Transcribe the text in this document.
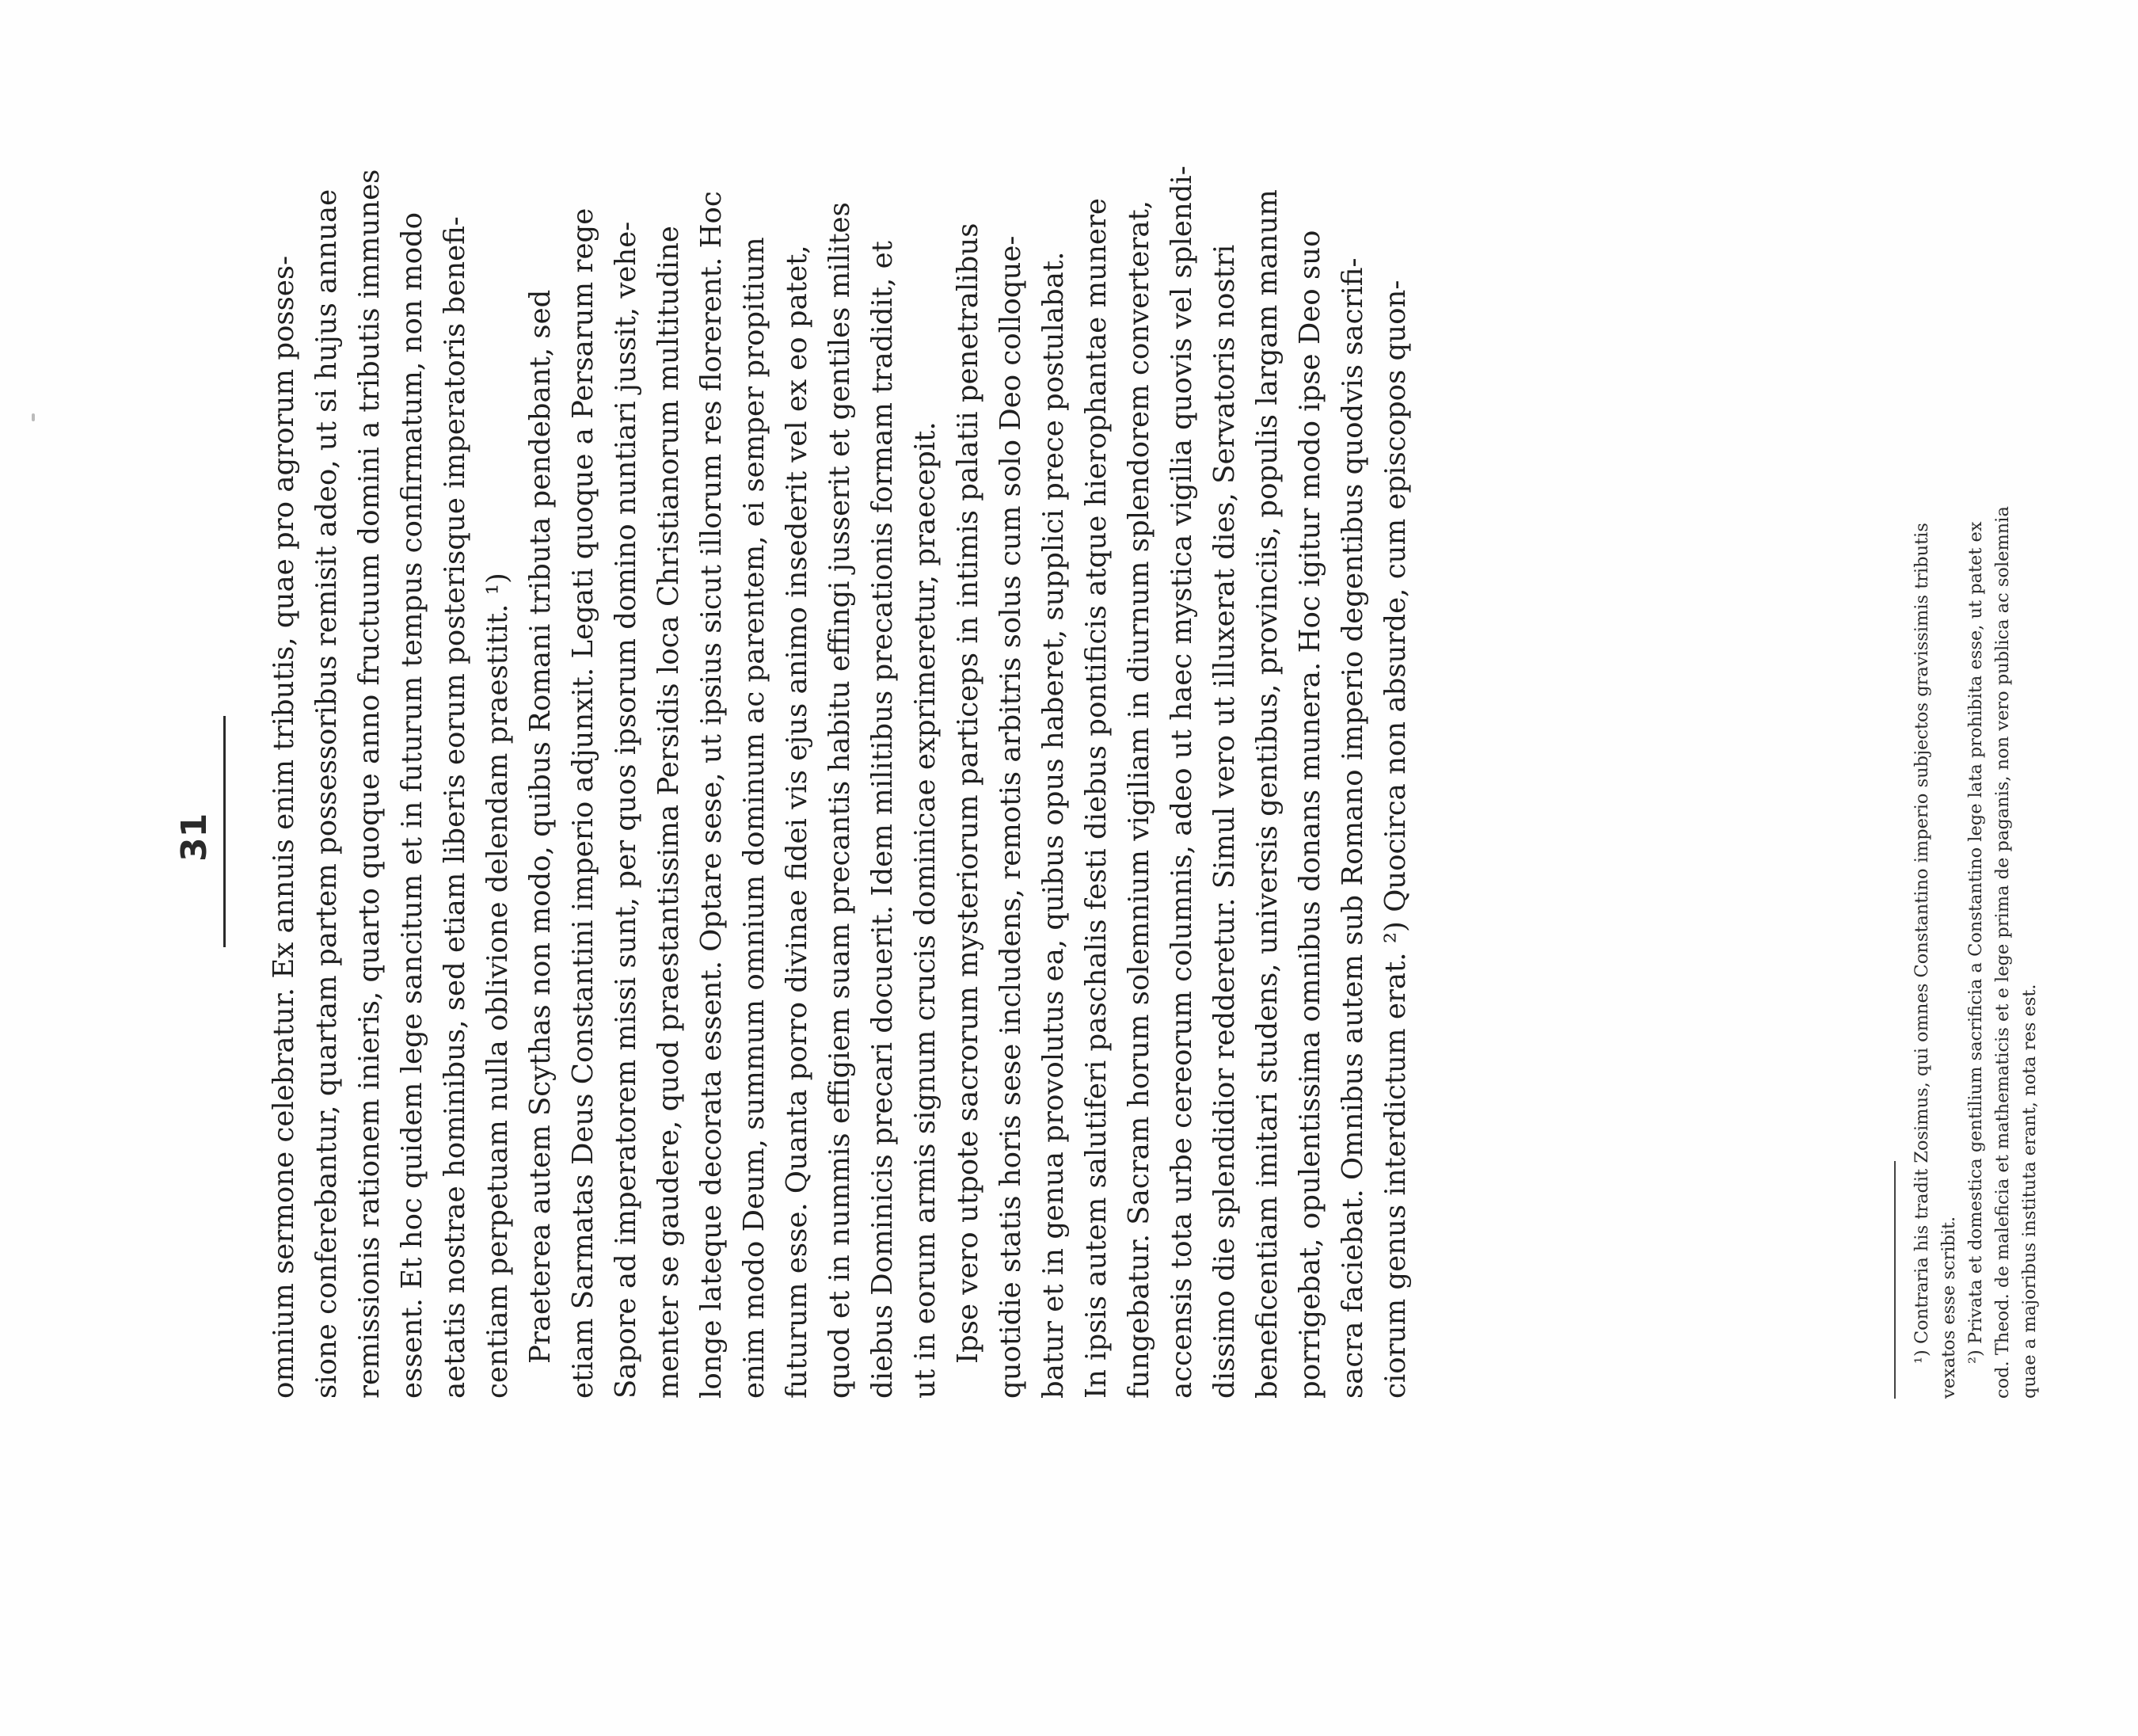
31 omnium sermone celebratur. Ex annuis enim tributis, quae pro agrorum posses- sione conferebantur, quartam partem possessoribus remisit adeo, ut si hujus annuae remissionis rationem inieris, quarto quoque anno fructuum domini a tributis immunes essent. Et hoc quidem lege sancitum et in futurum tempus confirmatum, non modo aetatis nostrae hominibus, sed etiam liberis eorum posterisque imperatoris benefi- centiam perpetuam nulla oblivione delendam praestitit. ¹) Praeterea autem Scythas non modo, quibus Romani tributa pendebant, sed etiam Sarmatas Deus Constantini imperio adjunxit. Legati quoque a Persarum rege Sapore ad imperatorem missi sunt, per quos ipsorum domino nuntiari jussit, vehe- menter se gaudere, quod praestantissima Persidis loca Christianorum multitudine longe lateque decorata essent. Optare sese, ut ipsius sicut illorum res florerent. Hoc enim modo Deum, summum omnium dominum ac parentem, ei semper propitium futurum esse. Quanta porro divinae fidei vis ejus animo insederit vel ex eo patet, quod et in nummis effigiem suam precantis habitu effingi jusserit et gentiles milites diebus Dominicis precari docuerit. Idem militibus precationis formam tradidit, et ut in eorum armis signum crucis dominicae exprimeretur, praecepit. Ipse vero utpote sacrorum mysteriorum particeps in intimis palatii penetralibus quotidie statis horis sese includens, remotis arbitris solus cum solo Deo colloque- batur et in genua provolutus ea, quibus opus haberet, supplici prece postulabat. In ipsis autem salutiferi paschalis festi diebus pontificis atque hierophantae munere fungebatur. Sacram horum solemnium vigiliam in diurnum splendorem converterat, accensis tota urbe cereorum columnis, adeo ut haec mystica vigilia quovis vel splendi- dissimo die splendidior redderetur. Simul vero ut illuxerat dies, Servatoris nostri beneficentiam imitari studens, universis gentibus, provinciis, populis largam manum porrigebat, opulentissima omnibus donans munera. Hoc igitur modo ipse Deo suo sacra faciebat. Omnibus autem sub Romano imperio degentibus quodvis sacrifi- ciorum genus interdictum erat. ²) Quocirca non absurde, cum episcopos quon-	¹) Contraria his tradit Zosimus, qui omnes Constantino imperio subjectos gravissimis tributis vexatos esse scribit. ²) Privata et domestica gentilium sacrificia a Constantino lege lata prohibita esse, ut patet ex cod. Theod. de maleficia et mathematicis et e lege prima de paganis, non vero publica ac solemnia quae a majoribus instituta erant, nota res est.
